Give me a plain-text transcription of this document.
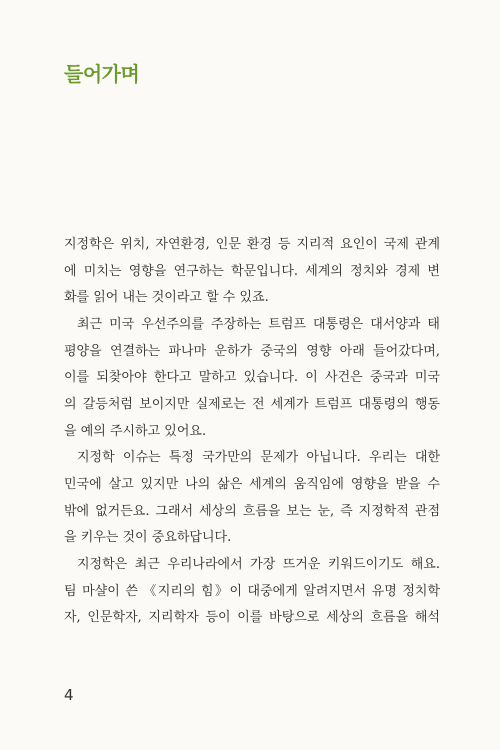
들어가며
지정학은 위치, 자연환경, 인문 환경 등 지리적 요인이 국제 관계
에 미치는 영향을 연구하는 학문입니다. 세계의 정치와 경제 변
화를 읽어 내는 것이라고 할 수 있죠.
최근 미국 우선주의를 주장하는 트럼프 대통령은 대서양과 태
평양을 연결하는 파나마 운하가 중국의 영향 아래 들어갔다며,
이를 되찾아야 한다고 말하고 있습니다. 이 사건은 중국과 미국
의 갈등처럼 보이지만 실제로는 전 세계가 트럼프 대통령의 행동
을 예의 주시하고 있어요.
지정학 이슈는 특정 국가만의 문제가 아닙니다. 우리는 대한
민국에 살고 있지만 나의 삶은 세계의 움직임에 영향을 받을 수
밖에 없거든요. 그래서 세상의 흐름을 보는 눈, 즉 지정학적 관점
을 키우는 것이 중요하답니다.
지정학은 최근 우리나라에서 가장 뜨거운 키워드이기도 해요.
팀 마샬이 쓴 《지리의 힘》이 대중에게 알려지면서 유명 정치학
자, 인문학자, 지리학자 등이 이를 바탕으로 세상의 흐름을 해석
4
